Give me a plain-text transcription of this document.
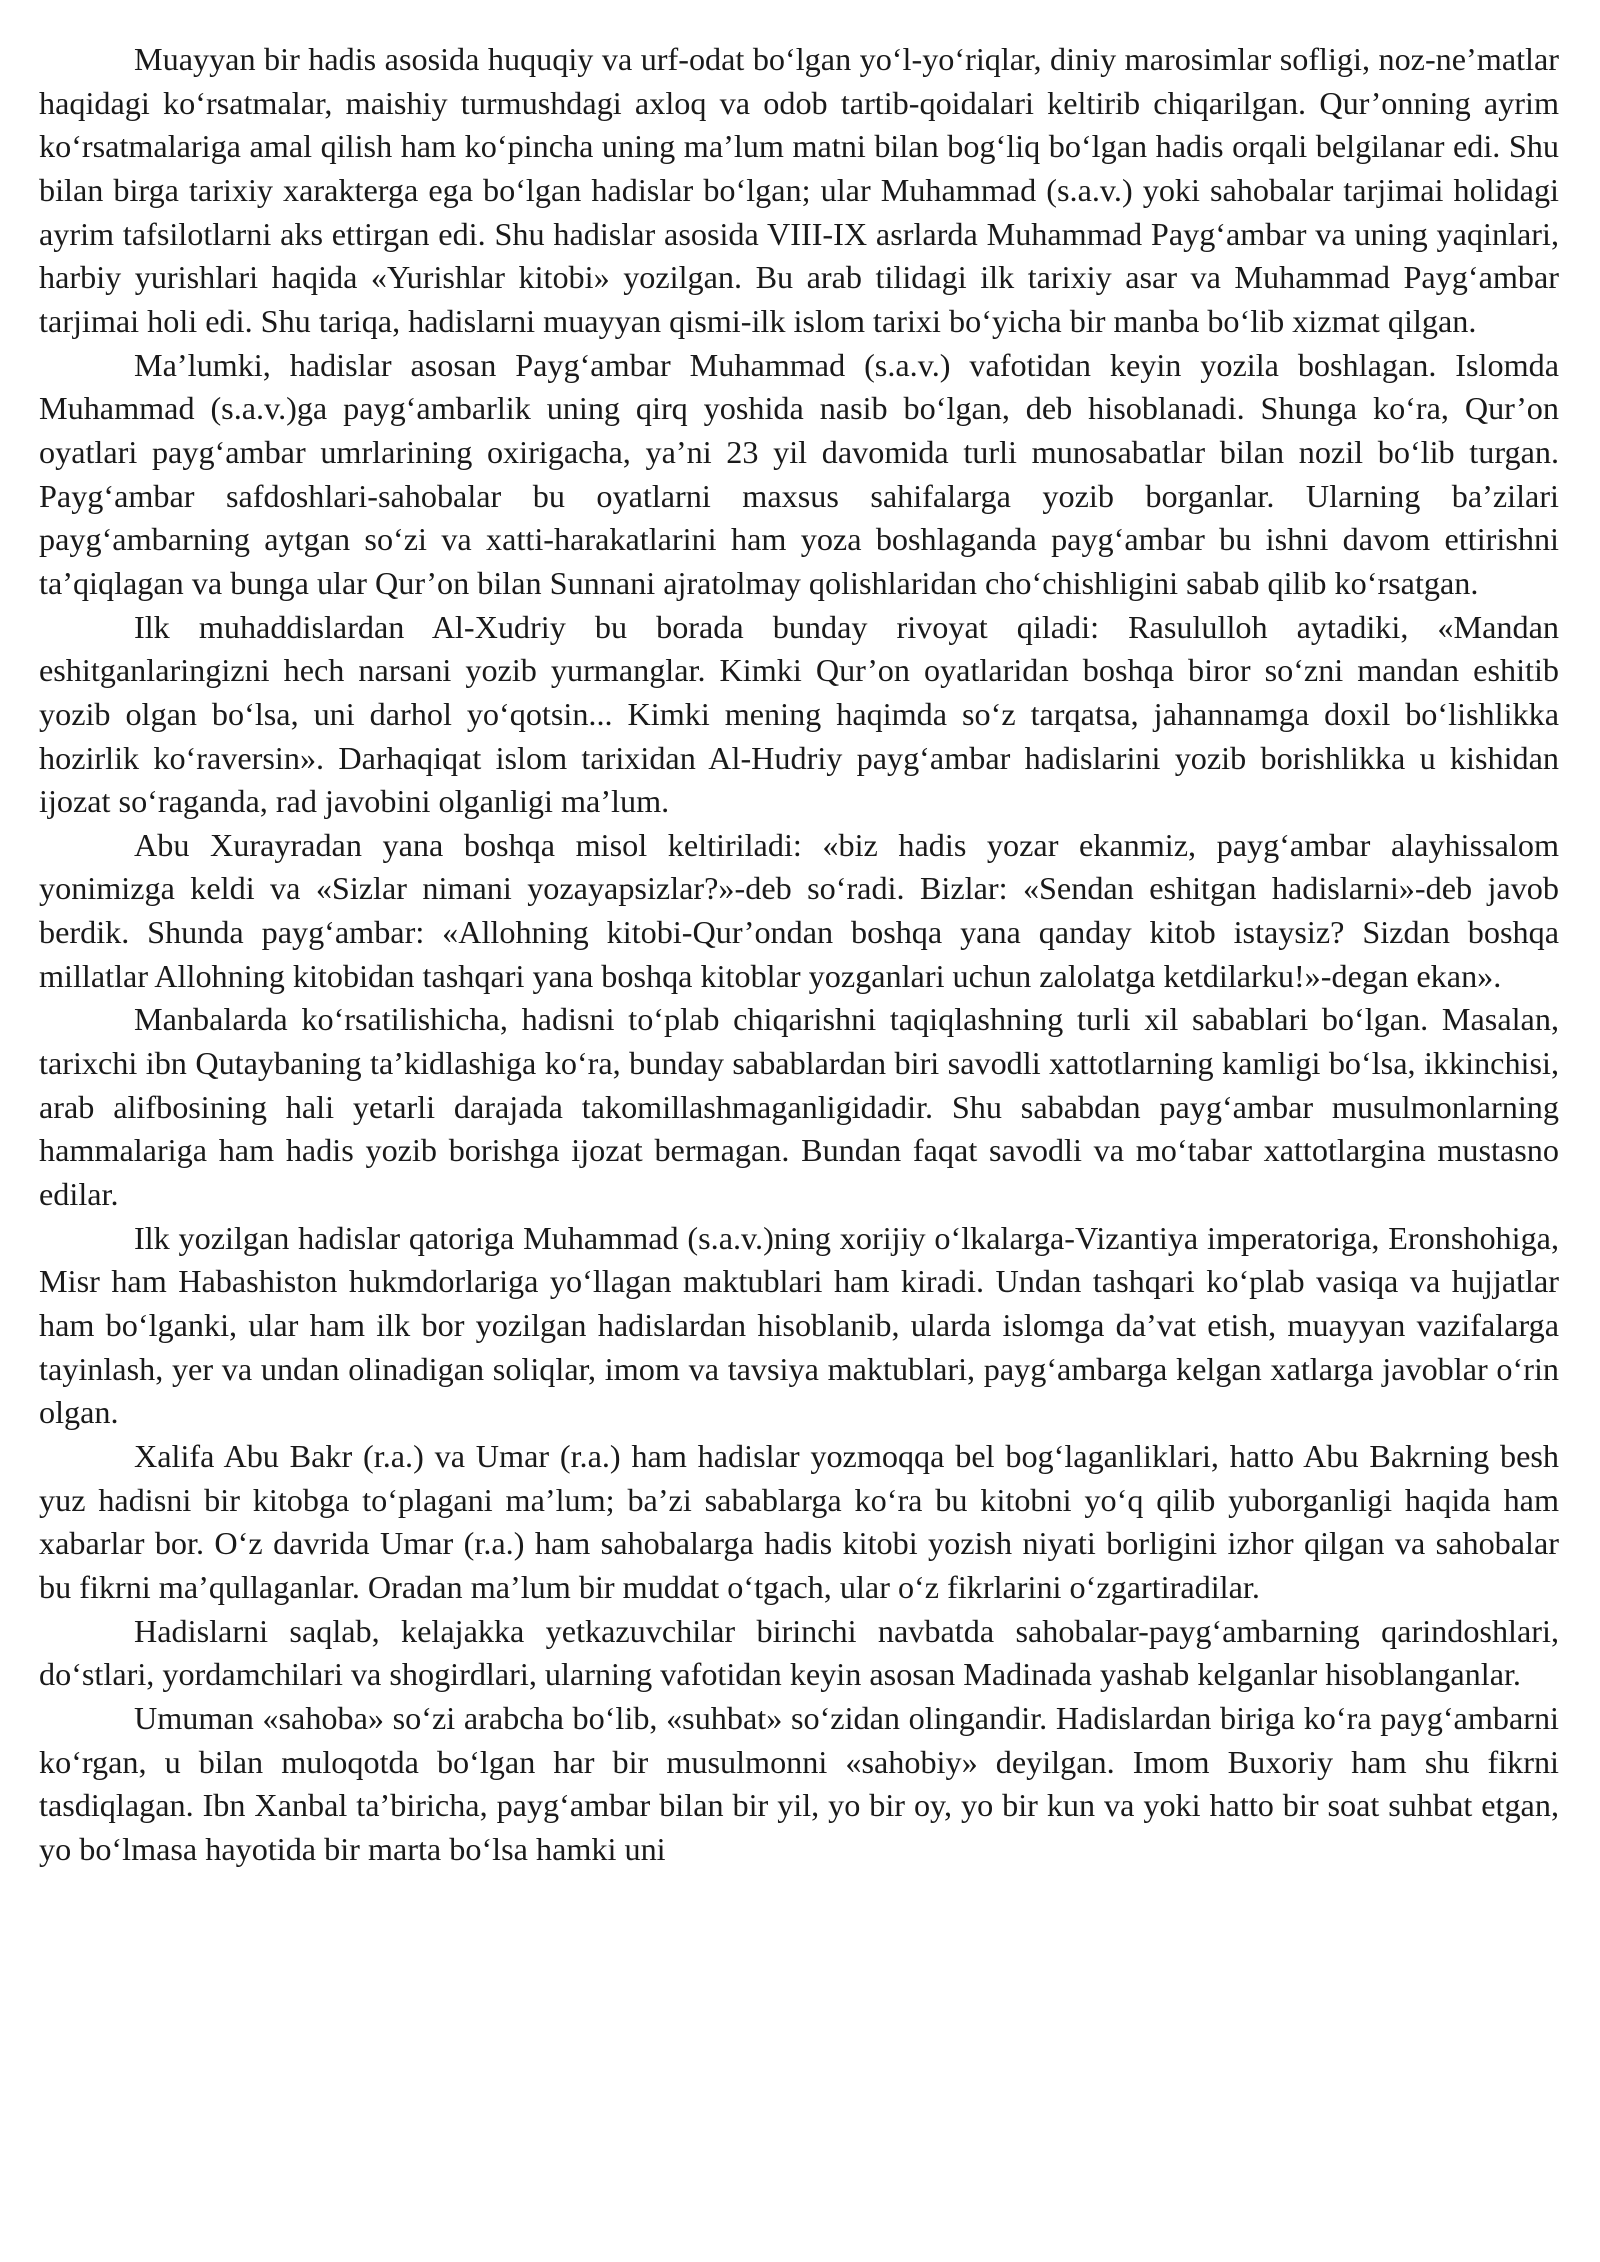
Muayyan bir hadis asosida huquqiy va urf-odat bo‘lgan yo‘l-yo‘riqlar, diniy marosimlar sofligi, noz-ne’matlar haqidagi ko‘rsatmalar, maishiy turmushdagi axloq va odob tartib-qoidalari keltirib chiqarilgan. Qur’onning ayrim ko‘rsatmalariga amal qilish ham ko‘pincha uning ma’lum matni bilan bog‘liq bo‘lgan hadis orqali belgilanar edi. Shu bilan birga tarixiy xarakterga ega bo‘lgan hadislar bo‘lgan; ular Muhammad (s.a.v.) yoki sahobalar tarjimai holidagi ayrim tafsilotlarni aks ettirgan edi. Shu hadislar asosida VIII-IX asrlarda Muhammad Payg‘ambar va uning yaqinlari, harbiy yurishlari haqida «Yurishlar kitobi» yozilgan. Bu arab tilidagi ilk tarixiy asar va Muhammad Payg‘ambar tarjimai holi edi. Shu tariqa, hadislarni muayyan qismi-ilk islom tarixi bo‘yicha bir manba bo‘lib xizmat qilgan.

Ma’lumki, hadislar asosan Payg‘ambar Muhammad (s.a.v.) vafotidan keyin yozila boshlagan. Islomda Muhammad (s.a.v.)ga payg‘ambarlik uning qirq yoshida nasib bo‘lgan, deb hisoblanadi. Shunga ko‘ra, Qur’on oyatlari payg‘ambar umrlarining oxirigacha, ya’ni 23 yil davomida turli munosabatlar bilan nozil bo‘lib turgan. Payg‘ambar safdoshlari-sahobalar bu oyatlarni maxsus sahifalarga yozib borganlar. Ularning ba’zilari payg‘ambarning aytgan so‘zi va xatti-harakatlarini ham yoza boshlaganda payg‘ambar bu ishni davom ettirishni ta’qiqlagan va bunga ular Qur’on bilan Sunnani ajratolmay qolishlaridan cho‘chishligini sabab qilib ko‘rsatgan.

Ilk muhaddislardan Al-Xudriy bu borada bunday rivoyat qiladi: Rasululloh aytadiki, «Mandan eshitganlaringizni hech narsani yozib yurmanglar. Kimki Qur’on oyatlaridan boshqa biror so‘zni mandan eshitib yozib olgan bo‘lsa, uni darhol yo‘qotsin... Kimki mening haqimda so‘z tarqatsa, jahannamga doxil bo‘lishlikka hozirlik ko‘raversin». Darhaqiqat islom tarixidan Al-Hudriy payg‘ambar hadislarini yozib borishlikka u kishidan ijozat so‘raganda, rad javobini olganligi ma’lum.

Abu Xurayradan yana boshqa misol keltiriladi: «biz hadis yozar ekanmiz, payg‘ambar alayhissalom yonimizga keldi va «Sizlar nimani yozayapsizlar?»-deb so‘radi. Bizlar: «Sendan eshitgan hadislarni»-deb javob berdik. Shunda payg‘ambar: «Allohning kitobi-Qur’ondan boshqa yana qanday kitob istaysiz? Sizdan boshqa millatlar Allohning kitobidan tashqari yana boshqa kitoblar yozganlari uchun zalolatga ketdilarku!»-degan ekan».

Manbalarda ko‘rsatilishicha, hadisni to‘plab chiqarishni taqiqlashning turli xil sabablari bo‘lgan. Masalan, tarixchi ibn Qutaybaning ta’kidlashiga ko‘ra, bunday sabablardan biri savodli xattotlarning kamligi bo‘lsa, ikkinchisi, arab alifbosining hali yetarli darajada takomillashmaganligidadir. Shu sababdan payg‘ambar musulmonlarning hammalariga ham hadis yozib borishga ijozat bermagan. Bundan faqat savodli va mo‘tabar xattotlargina mustasno edilar.

Ilk yozilgan hadislar qatoriga Muhammad (s.a.v.)ning xorijiy o‘lkalarga-Vizantiya imperatoriga, Eronshohiga, Misr ham Habashiston hukmdorlariga yo‘llagan maktublari ham kiradi. Undan tashqari ko‘plab vasiqa va hujjatlar ham bo‘lganki, ular ham ilk bor yozilgan hadislardan hisoblanib, ularda islomga da’vat etish, muayyan vazifalarga tayinlash, yer va undan olinadigan soliqlar, imom va tavsiya maktublari, payg‘ambarga kelgan xatlarga javoblar o‘rin olgan.

Xalifa Abu Bakr (r.a.) va Umar (r.a.) ham hadislar yozmoqqa bel bog‘laganliklari, hatto Abu Bakrning besh yuz hadisni bir kitobga to‘plagani ma’lum; ba’zi sabablarga ko‘ra bu kitobni yo‘q qilib yuborganligi haqida ham xabarlar bor. O‘z davrida Umar (r.a.) ham sahobalarga hadis kitobi yozish niyati borligini izhor qilgan va sahobalar bu fikrni ma’qullaganlar. Oradan ma’lum bir muddat o‘tgach, ular o‘z fikrlarini o‘zgartiradilar.

Hadislarni saqlab, kelajakka yetkazuvchilar birinchi navbatda sahobalar-payg‘ambarning qarindoshlari, do‘stlari, yordamchilari va shogirdlari, ularning vafotidan keyin asosan Madinada yashab kelganlar hisoblanganlar.

Umuman «sahoba» so‘zi arabcha bo‘lib, «suhbat» so‘zidan olingandir. Hadislardan biriga ko‘ra payg‘ambarni ko‘rgan, u bilan muloqotda bo‘lgan har bir musulmonni «sahobiy» deyilgan. Imom Buxoriy ham shu fikrni tasdiqlagan. Ibn Xanbal ta’biricha, payg‘ambar bilan bir yil, yo bir oy, yo bir kun va yoki hatto bir soat suhbat etgan, yo bo‘lmasa hayotida bir marta bo‘lsa hamki uni
